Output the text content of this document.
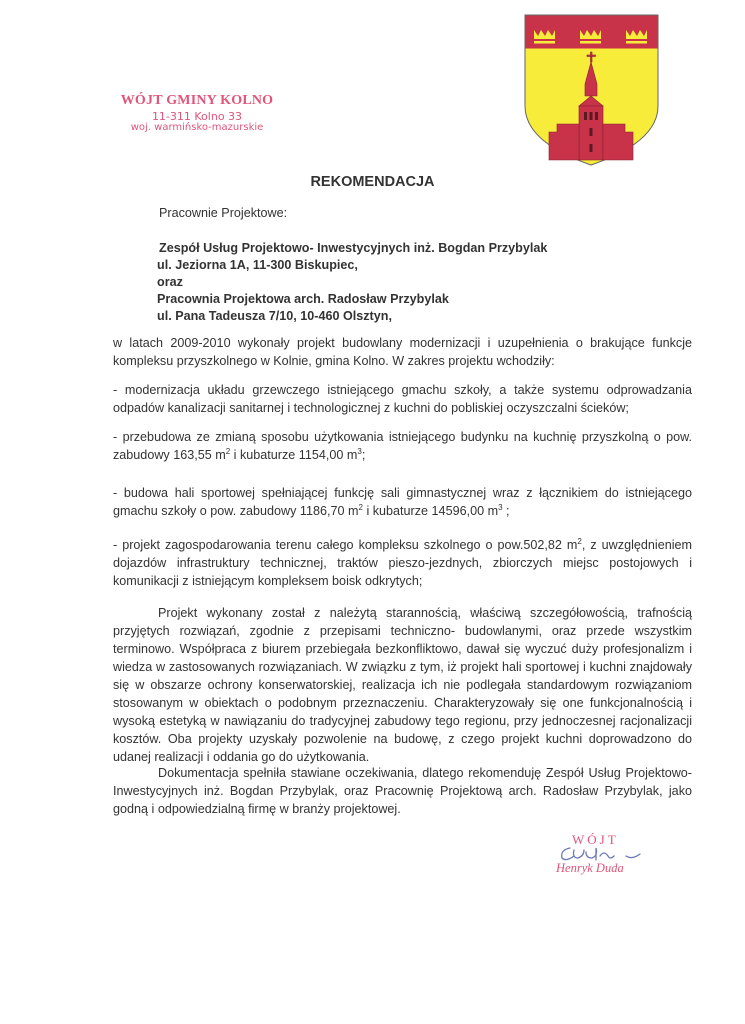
WÓJT GMINY KOLNO
11-311 Kolno 33
woj. warmińsko-mazurskie
REKOMENDACJA
Pracownie Projektowe:
Zespół Usług Projektowo- Inwestycyjnych inż. Bogdan Przybylak
ul. Jeziorna 1A, 11-300 Biskupiec,
oraz
Pracownia Projektowa arch. Radosław Przybylak
ul. Pana Tadeusza 7/10, 10-460 Olsztyn,
w latach 2009-2010 wykonały projekt budowlany modernizacji i uzupełnienia o brakujące funkcje kompleksu przyszkolnego w Kolnie, gmina Kolno. W zakres projektu wchodziły:
- modernizacja układu grzewczego istniejącego gmachu szkoły, a także systemu odprowadzania odpadów kanalizacji sanitarnej i technologicznej z kuchni do pobliskiej oczyszczalni ścieków;
- przebudowa ze zmianą sposobu użytkowania istniejącego budynku na kuchnię przyszkolną o pow. zabudowy 163,55 $m^2$ i kubaturze 1154,00 $m^3$;
- budowa hali sportowej spełniającej funkcję sali gimnastycznej wraz z łącznikiem do istniejącego gmachu szkoły o pow. zabudowy 1186,70 $m^2$ i kubaturze 14596,00 $m^3$ ;
- projekt zagospodarowania terenu całego kompleksu szkolnego o pow.502,82 $m^2$, z uwzględnieniem dojazdów infrastruktury technicznej, traktów pieszo-jezdnych, zbiorczych miejsc postojowych i komunikacji z istniejącym kompleksem boisk odkrytych;
Projekt wykonany został z należytą starannością, właściwą szczegółowością, trafnością przyjętych rozwiązań, zgodnie z przepisami techniczno- budowlanymi, oraz przede wszystkim terminowo. Współpraca z biurem przebiegała bezkonfliktowo, dawał się wyczuć duży profesjonalizm i wiedza w zastosowanych rozwiązaniach. W związku z tym, iż projekt hali sportowej i kuchni znajdowały się w obszarze ochrony konserwatorskiej, realizacja ich nie podlegała standardowym rozwiązaniom stosowanym w obiektach o podobnym przeznaczeniu. Charakteryzowały się one funkcjonalnością i wysoką estetyką w nawiązaniu do tradycyjnej zabudowy tego regionu, przy jednoczesnej racjonalizacji kosztów. Oba projekty uzyskały pozwolenie na budowę, z czego projekt kuchni doprowadzono do udanej realizacji i oddania go do użytkowania.
Dokumentacja spełniła stawiane oczekiwania, dlatego rekomenduję Zespół Usług Projektowo-Inwestycyjnych inż. Bogdan Przybylak, oraz Pracownię Projektową arch. Radosław Przybylak, jako godną i odpowiedzialną firmę w branży projektowej.
WÓJT
Henryk Duda
